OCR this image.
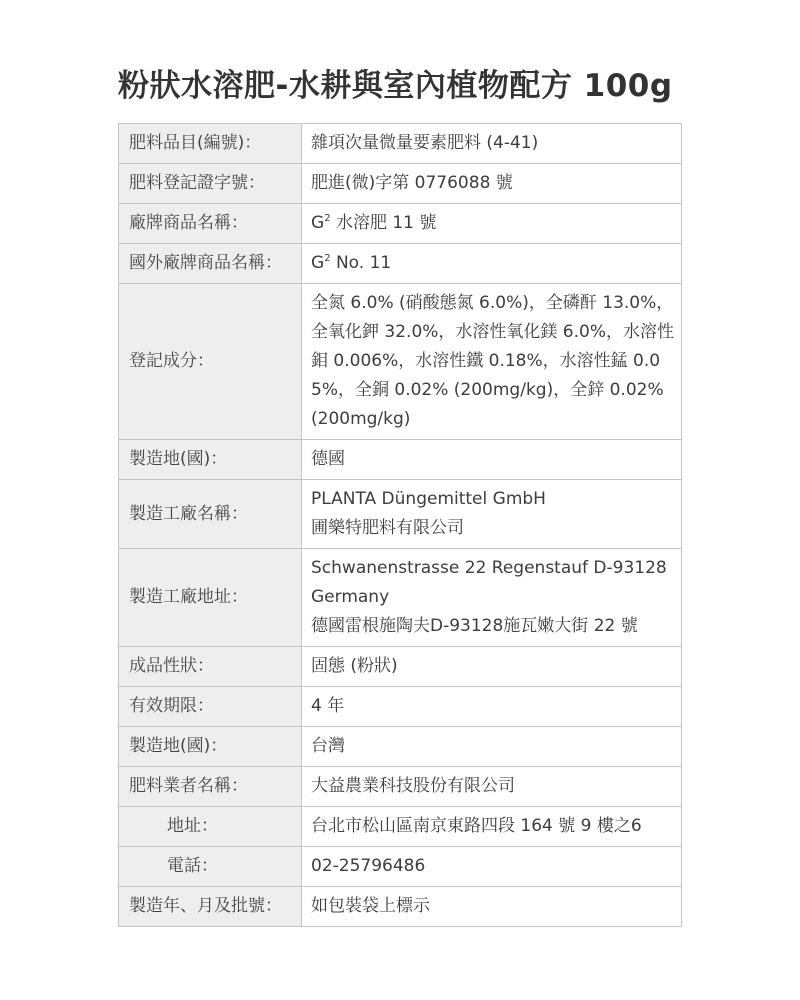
粉狀水溶肥-水耕與室內植物配方 100g
肥料品目(編號)：	雜項次量微量要素肥料 (4-41)
肥料登記證字號：	肥進(微)字第 0776088 號
廠牌商品名稱：	$G^2$ 水溶肥 11 號
國外廠牌商品名稱：	$G^2$ No. 11
登記成分：	全氮 6.0% (硝酸態氮 6.0%)，全磷酐 13.0%，全氧化鉀 32.0%，水溶性氧化鎂 6.0%，水溶性鉬 0.006%，水溶性鐵 0.18%，水溶性錳 0.05%，全銅 0.02% (200mg/kg)，全鋅 0.02% (200mg/kg)
製造地(國)：	德國
製造工廠名稱：	PLANTA Düngemittel GmbH
圃樂特肥料有限公司

製造工廠地址：	Schwanenstrasse 22 Regenstauf D-93128
Germany
德國雷根施陶夫D-93128施瓦嫩大街 22 號

成品性狀：	固態 (粉狀)
有效期限：	4 年
製造地(國)：	台灣
肥料業者名稱：	大益農業科技股份有限公司
地址：	台北市松山區南京東路四段 164 號 9 樓之6
電話：	02-25796486
製造年、月及批號：	如包裝袋上標示
